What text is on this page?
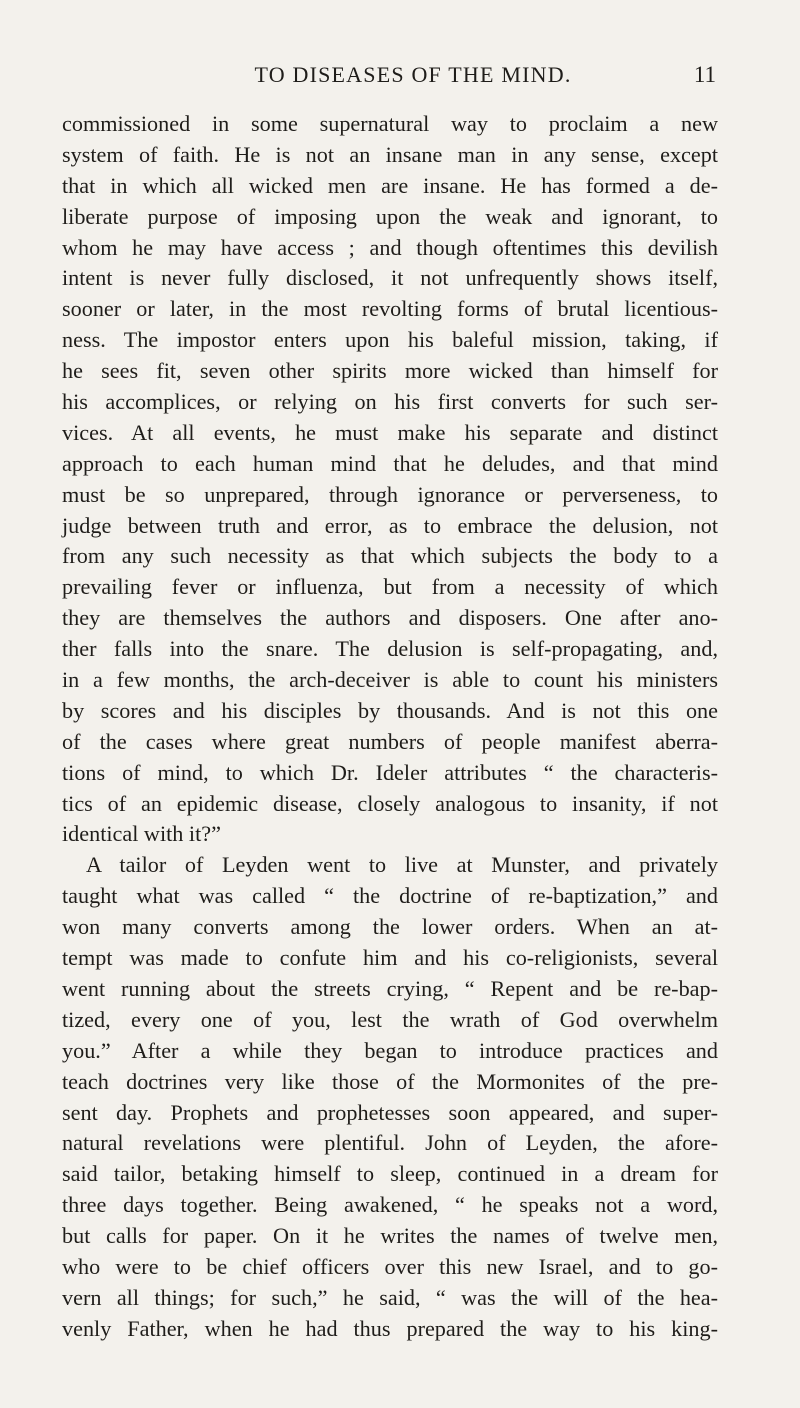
TO DISEASES OF THE MIND.	11
commissioned in some supernatural way to proclaim a new
system of faith. He is not an insane man in any sense, except
that in which all wicked men are insane. He has formed a de-
liberate purpose of imposing upon the weak and ignorant, to
whom he may have access ; and though oftentimes this devilish
intent is never fully disclosed, it not unfrequently shows itself,
sooner or later, in the most revolting forms of brutal licentious-
ness. The impostor enters upon his baleful mission, taking, if
he sees fit, seven other spirits more wicked than himself for
his accomplices, or relying on his first converts for such ser-
vices. At all events, he must make his separate and distinct
approach to each human mind that he deludes, and that mind
must be so unprepared, through ignorance or perverseness, to
judge between truth and error, as to embrace the delusion, not
from any such necessity as that which subjects the body to a
prevailing fever or influenza, but from a necessity of which
they are themselves the authors and disposers. One after ano-
ther falls into the snare. The delusion is self-propagating, and,
in a few months, the arch-deceiver is able to count his ministers
by scores and his disciples by thousands. And is not this one
of the cases where great numbers of people manifest aberra-
tions of mind, to which Dr. Ideler attributes “ the characteris-
tics of an epidemic disease, closely analogous to insanity, if not
identical with it?”
A tailor of Leyden went to live at Munster, and privately
taught what was called “ the doctrine of re-baptization,” and
won many converts among the lower orders. When an at-
tempt was made to confute him and his co-religionists, several
went running about the streets crying, “ Repent and be re-bap-
tized, every one of you, lest the wrath of God overwhelm
you.” After a while they began to introduce practices and
teach doctrines very like those of the Mormonites of the pre-
sent day. Prophets and prophetesses soon appeared, and super-
natural revelations were plentiful. John of Leyden, the afore-
said tailor, betaking himself to sleep, continued in a dream for
three days together. Being awakened, “ he speaks not a word,
but calls for paper. On it he writes the names of twelve men,
who were to be chief officers over this new Israel, and to go-
vern all things; for such,” he said, “ was the will of the hea-
venly Father, when he had thus prepared the way to his king-
